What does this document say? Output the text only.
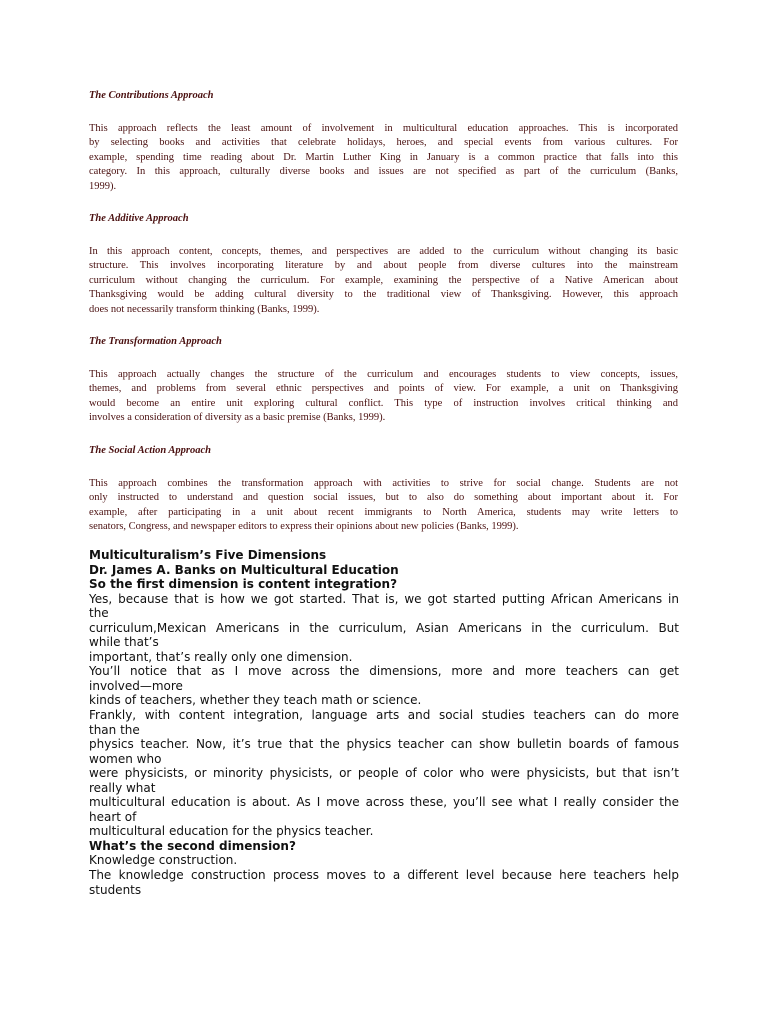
The Contributions Approach

This approach reflects the least amount of involvement in multicultural education approaches. This is incorporated
by selecting books and activities that celebrate holidays, heroes, and special events from various cultures. For
example, spending time reading about Dr. Martin Luther King in January is a common practice that falls into this
category. In this approach, culturally diverse books and issues are not specified as part of the curriculum (Banks,
1999).

The Additive Approach

In this approach content, concepts, themes, and perspectives are added to the curriculum without changing its basic
structure. This involves incorporating literature by and about people from diverse cultures into the mainstream
curriculum without changing the curriculum. For example, examining the perspective of a Native American about
Thanksgiving would be adding cultural diversity to the traditional view of Thanksgiving. However, this approach
does not necessarily transform thinking (Banks, 1999).

The Transformation Approach

This approach actually changes the structure of the curriculum and encourages students to view concepts, issues,
themes, and problems from several ethnic perspectives and points of view. For example, a unit on Thanksgiving
would become an entire unit exploring cultural conflict. This type of instruction involves critical thinking and
involves a consideration of diversity as a basic premise (Banks, 1999).

The Social Action Approach

This approach combines the transformation approach with activities to strive for social change. Students are not
only instructed to understand and question social issues, but to also do something about important about it. For
example, after participating in a unit about recent immigrants to North America, students may write letters to
senators, Congress, and newspaper editors to express their opinions about new policies (Banks, 1999).

Multiculturalism’s Five Dimensions
Dr. James A. Banks on Multicultural Education
So the first dimension is content integration?
Yes, because that is how we got started. That is, we got started putting African Americans in
the
curriculum,Mexican Americans in the curriculum, Asian Americans in the curriculum. But
while that’s
important, that’s really only one dimension.
You’ll notice that as I move across the dimensions, more and more teachers can get
involved—more
kinds of teachers, whether they teach math or science.
Frankly, with content integration, language arts and social studies teachers can do more
than the
physics teacher. Now, it’s true that the physics teacher can show bulletin boards of famous
women who
were physicists, or minority physicists, or people of color who were physicists, but that isn’t
really what
multicultural education is about. As I move across these, you’ll see what I really consider the
heart of
multicultural education for the physics teacher.
What’s the second dimension?
Knowledge construction.
The knowledge construction process moves to a different level because here teachers help
students
